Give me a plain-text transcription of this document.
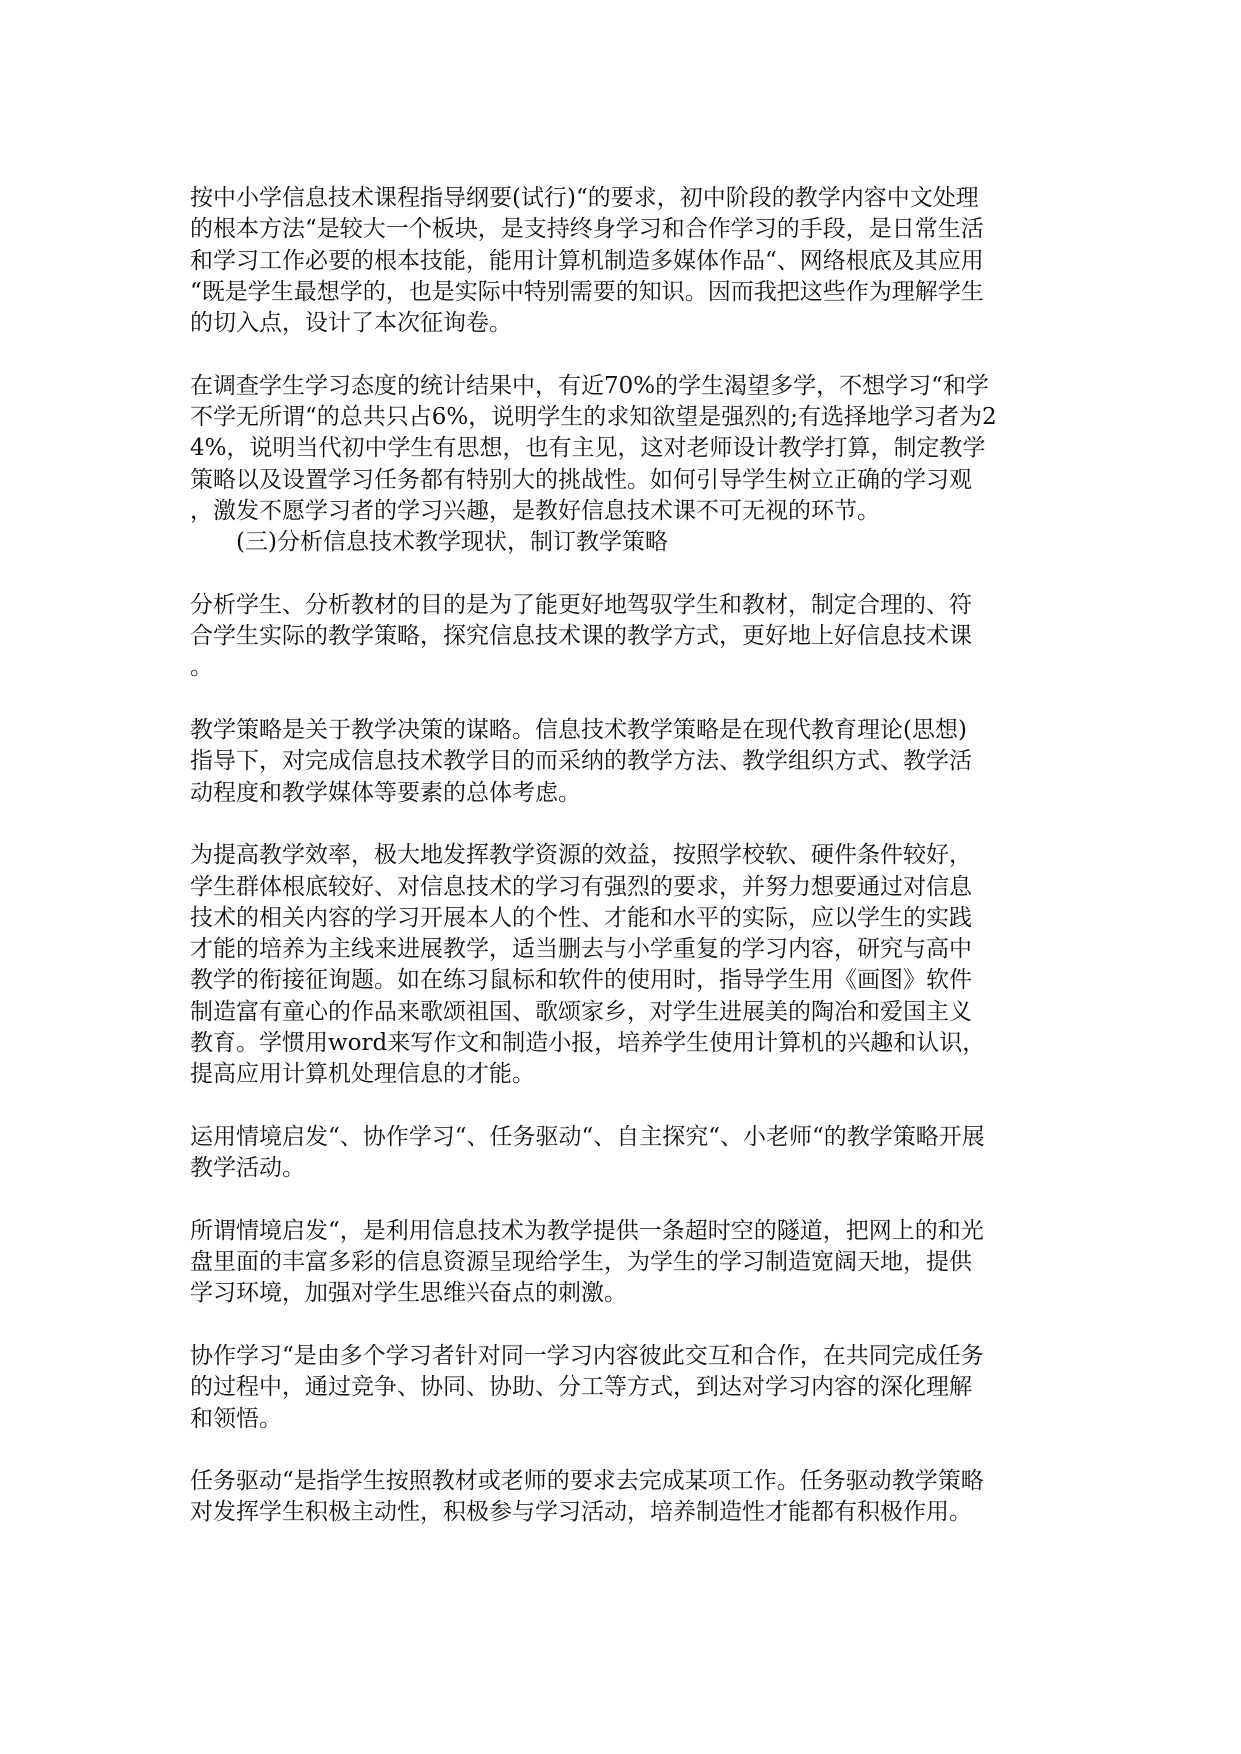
按中小学信息技术课程指导纲要(试行)“的要求，初中阶段的教学内容中文处理
的根本方法“是较大一个板块，是支持终身学习和合作学习的手段，是日常生活
和学习工作必要的根本技能，能用计算机制造多媒体作品“、网络根底及其应用
“既是学生最想学的，也是实际中特别需要的知识。因而我把这些作为理解学生
的切入点，设计了本次征询卷。
在调查学生学习态度的统计结果中，有近70%的学生渴望多学，不想学习“和学
不学无所谓“的总共只占6%，说明学生的求知欲望是强烈的;有选择地学习者为2
4%，说明当代初中学生有思想，也有主见，这对老师设计教学打算，制定教学
策略以及设置学习任务都有特别大的挑战性。如何引导学生树立正确的学习观
，激发不愿学习者的学习兴趣，是教好信息技术课不可无视的环节。
(三)分析信息技术教学现状，制订教学策略
分析学生、分析教材的目的是为了能更好地驾驭学生和教材，制定合理的、符
合学生实际的教学策略，探究信息技术课的教学方式，更好地上好信息技术课
。
教学策略是关于教学决策的谋略。信息技术教学策略是在现代教育理论(思想)
指导下，对完成信息技术教学目的而采纳的教学方法、教学组织方式、教学活
动程度和教学媒体等要素的总体考虑。
为提高教学效率，极大地发挥教学资源的效益，按照学校软、硬件条件较好，
学生群体根底较好、对信息技术的学习有强烈的要求，并努力想要通过对信息
技术的相关内容的学习开展本人的个性、才能和水平的实际，应以学生的实践
才能的培养为主线来进展教学，适当删去与小学重复的学习内容，研究与高中
教学的衔接征询题。如在练习鼠标和软件的使用时，指导学生用《画图》软件
制造富有童心的作品来歌颂祖国、歌颂家乡，对学生进展美的陶冶和爱国主义
教育。学惯用word来写作文和制造小报，培养学生使用计算机的兴趣和认识，
提高应用计算机处理信息的才能。
运用情境启发“、协作学习“、任务驱动“、自主探究“、小老师“的教学策略开展
教学活动。
所谓情境启发“，是利用信息技术为教学提供一条超时空的隧道，把网上的和光
盘里面的丰富多彩的信息资源呈现给学生，为学生的学习制造宽阔天地，提供
学习环境，加强对学生思维兴奋点的刺激。
协作学习“是由多个学习者针对同一学习内容彼此交互和合作，在共同完成任务
的过程中，通过竞争、协同、协助、分工等方式，到达对学习内容的深化理解
和领悟。
任务驱动“是指学生按照教材或老师的要求去完成某项工作。任务驱动教学策略
对发挥学生积极主动性，积极参与学习活动，培养制造性才能都有积极作用。
